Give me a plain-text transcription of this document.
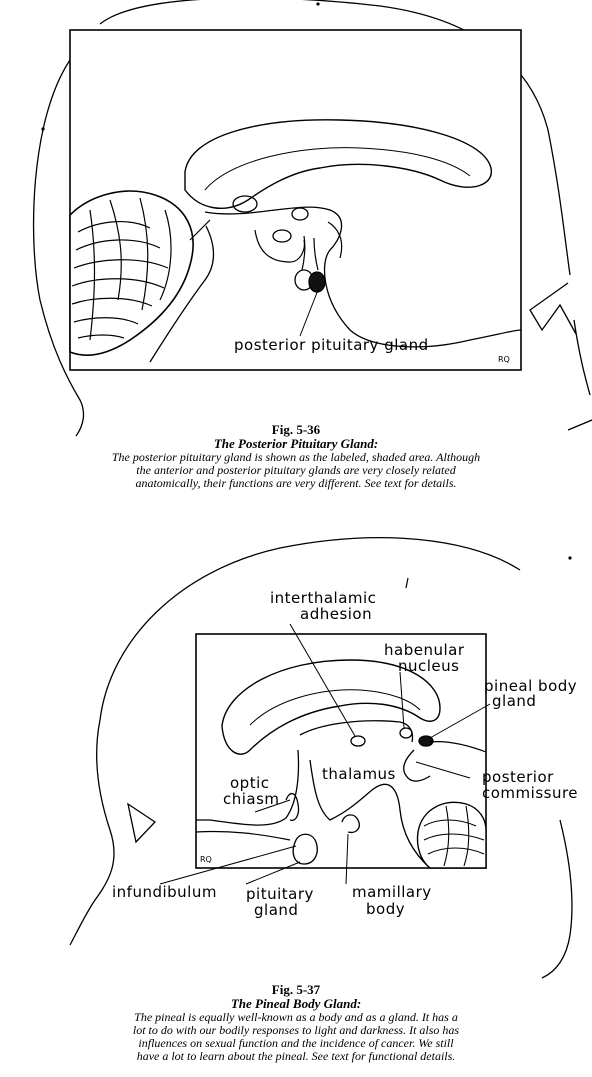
posterior pituitary gland
RQ
Fig. 5-36
The Posterior Pituitary Gland:
The posterior pituitary gland is shown as the labeled, shaded area. Although
the anterior and posterior pituitary glands are very closely related
anatomically, their functions are very different. See text for details.
interthalamic
adhesion
habenular
nucleus
pineal body
gland
thalamus
optic
chiasm
posterior
commissure
infundibulum pituitary
gland
mamillary
body
RQ
Fig. 5-37
The Pineal Body Gland:
The pineal is equally well-known as a body and as a gland. It has a
lot to do with our bodily responses to light and darkness. It also has
influences on sexual function and the incidence of cancer. We still
have a lot to learn about the pineal. See text for functional details.
